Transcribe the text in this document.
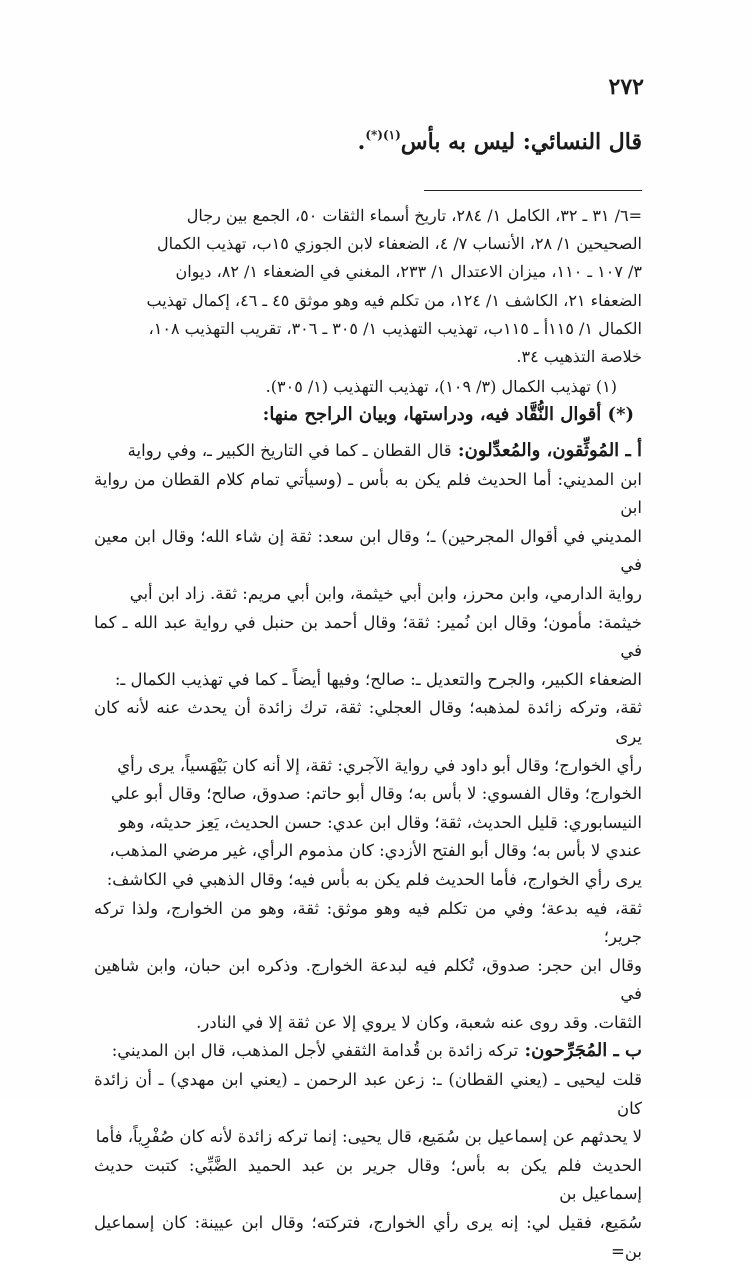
٢٧٢
قال النسائي: ليس به بأس$^{(١)(*)}$.
=٦/ ٣١ ـ ٣٢، الكامل ١/ ٢٨٤، تاريخ أسماء الثقات ٥٠، الجمع بين رجال
الصحيحين ١/ ٢٨، الأنساب ٧/ ٤، الضعفاء لابن الجوزي ١٥ب، تهذيب الكمال
٣/ ١٠٧ ـ ١١٠، ميزان الاعتدال ١/ ٢٣٣، المغني في الضعفاء ١/ ٨٢، ديوان
الضعفاء ٢١، الكاشف ١/ ١٢٤، من تكلم فيه وهو موثق ٤٥ ـ ٤٦، إكمال تهذيب
الكمال ١/ ١١٥أ ـ ١١٥ب، تهذيب التهذيب ١/ ٣٠٥ ـ ٣٠٦، تقريب التهذيب ١٠٨،
خلاصة التذهيب ٣٤.
(١) تهذيب الكمال (٣/ ١٠٩)، تهذيب التهذيب (١/ ٣٠٥).
(*) أقوال النُّقَّاد فيه، ودراستها، وبيان الراجح منها:
أ ـ المُوثِّقون، والمُعدِّلون: قال القطان ـ كما في التاريخ الكبير ـ، وفي رواية
ابن المديني: أما الحديث فلم يكن به بأس ـ (وسيأتي تمام كلام القطان من رواية ابن
المديني في أقوال المجرحين) ـ؛ وقال ابن سعد: ثقة إن شاء الله؛ وقال ابن معين في
رواية الدارمي، وابن محرز، وابن أبي خيثمة، وابن أبي مريم: ثقة. زاد ابن أبي
خيثمة: مأمون؛ وقال ابن نُمير: ثقة؛ وقال أحمد بن حنبل في رواية عبد الله ـ كما في
الضعفاء الكبير، والجرح والتعديل ـ: صالح؛ وفيها أيضاً ـ كما في تهذيب الكمال ـ:
ثقة، وتركه زائدة لمذهبه؛ وقال العجلي: ثقة، ترك زائدة أن يحدث عنه لأنه كان يرى
رأي الخوارج؛ وقال أبو داود في رواية الآجري: ثقة، إلا أنه كان بَيْهَسياً، يرى رأي
الخوارج؛ وقال الفسوي: لا بأس به؛ وقال أبو حاتم: صدوق، صالح؛ وقال أبو علي
النيسابوري: قليل الحديث، ثقة؛ وقال ابن عدي: حسن الحديث، يَعِز حديثه، وهو
عندي لا بأس به؛ وقال أبو الفتح الأزدي: كان مذموم الرأي، غير مرضي المذهب،
يرى رأي الخوارج، فأما الحديث فلم يكن به بأس فيه؛ وقال الذهبي في الكاشف:
ثقة، فيه بدعة؛ وفي من تكلم فيه وهو موثق: ثقة، وهو من الخوارج، ولذا تركه جرير؛
وقال ابن حجر: صدوق، تُكلم فيه لبدعة الخوارج. وذكره ابن حبان، وابن شاهين في
الثقات. وقد روى عنه شعبة، وكان لا يروي إلا عن ثقة إلا في النادر.
ب ـ المُجَرِّحون: تركه زائدة بن قُدامة الثقفي لأجل المذهب، قال ابن المديني:
قلت ليحيى ـ (يعني القطان) ـ: زعن عبد الرحمن ـ (يعني ابن مهدي) ـ أن زائدة كان
لا يحدثهم عن إسماعيل بن سُمَيع، قال يحيى: إنما تركه زائدة لأنه كان صُفْرِياً، فأما
الحديث فلم يكن به بأس؛ وقال جرير بن عبد الحميد الضَّبِّي: كتبت حديث إسماعيل بن
سُمَيع، فقيل لي: إنه يرى رأي الخوارج، فتركته؛ وقال ابن عيينة: كان إسماعيل بن=
